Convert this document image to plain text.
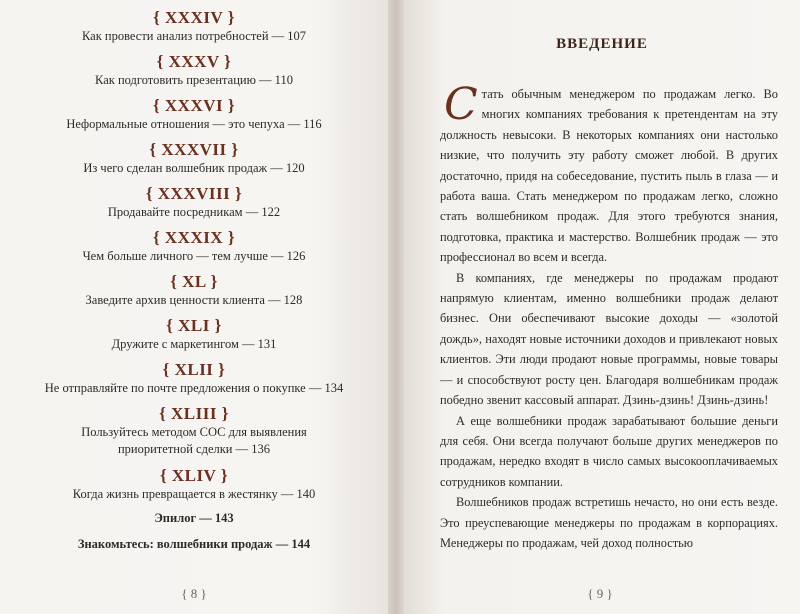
{ XXXIV }
Как провести анализ потребностей — 107
{ XXXV }
Как подготовить презентацию — 110
{ XXXVI }
Неформальные отношения — это чепуха — 116
{ XXXVII }
Из чего сделан волшебник продаж — 120
{ XXXVIII }
Продавайте посредникам — 122
{ XXXIX }
Чем больше личного — тем лучше — 126
{ XL }
Заведите архив ценности клиента — 128
{ XLI }
Дружите с маркетингом — 131
{ XLII }
Не отправляйте по почте предложения о покупке — 134
{ XLIII }
Пользуйтесь методом СОС для выявления
приоритетной сделки — 136
{ XLIV }
Когда жизнь превращается в жестянку — 140
Эпилог — 143
Знакомьтесь: волшебники продаж — 144
{ 8 }
ВВЕДЕНИЕ

Стать обычным менеджером по продажам легко. Во многих компаниях требования к претендентам на эту должность невысоки. В некоторых компаниях они настолько низкие, что получить эту работу сможет любой. В других достаточно, придя на собеседование, пустить пыль в глаза — и работа ваша. Стать менеджером по продажам легко, сложно стать волшебником продаж. Для этого требуются знания, подготовка, практика и мастерство. Волшебник продаж — это профессионал во всем и всегда.

В компаниях, где менеджеры по продажам продают напрямую клиентам, именно волшебники продаж делают бизнес. Они обеспечивают высокие доходы — «золотой дождь», находят новые источники доходов и привлекают новых клиентов. Эти люди продают новые программы, новые товары — и способствуют росту цен. Благодаря волшебникам продаж победно звенит кассовый аппарат. Дзинь-дзинь! Дзинь-дзинь!

А еще волшебники продаж зарабатывают большие деньги для себя. Они всегда получают больше других менеджеров по продажам, нередко входят в число самых высокооплачиваемых сотрудников компании.

Волшебников продаж встретишь нечасто, но они есть везде. Это преуспевающие менеджеры по продажам в корпорациях. Менеджеры по продажам, чей доход полностью

{ 9 }
